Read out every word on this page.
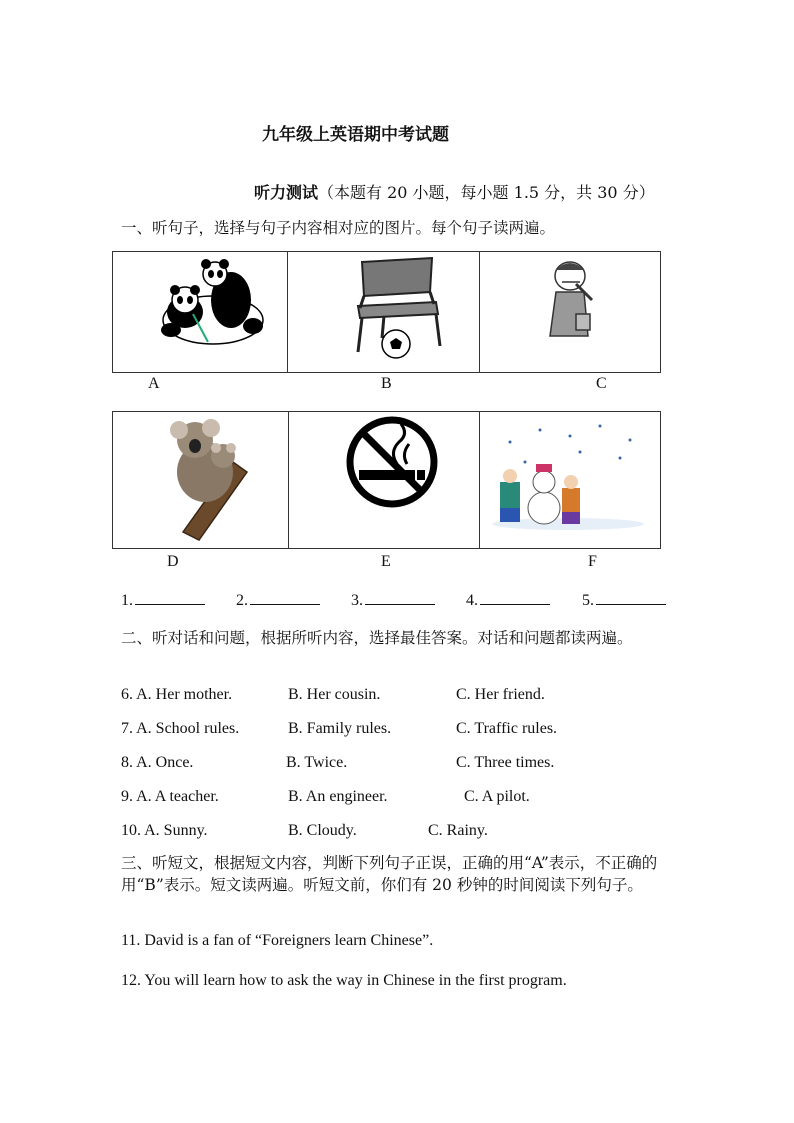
九年级上英语期中考试题
听力测试（本题有 20 小题，每小题 1.5 分，共 30 分）
一、听句子，选择与句子内容相对应的图片。每个句子读两遍。

A	B	C

D	E	F
1.	2.	3.	4.	5.
二、听对话和问题，根据所听内容，选择最佳答案。对话和问题都读两遍。
6. A. Her mother.	B. Her cousin.	C. Her friend.
7. A. School rules.	B. Family rules.	C. Traffic rules.
8. A. Once.	B. Twice.	C. Three times.
9. A. A teacher.	B. An engineer.	C. A pilot.
10. A. Sunny.	B. Cloudy.	C. Rainy.
三、听短文，根据短文内容，判断下列句子正误，正确的用“A”表示，不正确的用“B”表示。短文读两遍。听短文前，你们有 20 秒钟的时间阅读下列句子。
11. David is a fan of “Foreigners learn Chinese”.
12. You will learn how to ask the way in Chinese in the first program.
